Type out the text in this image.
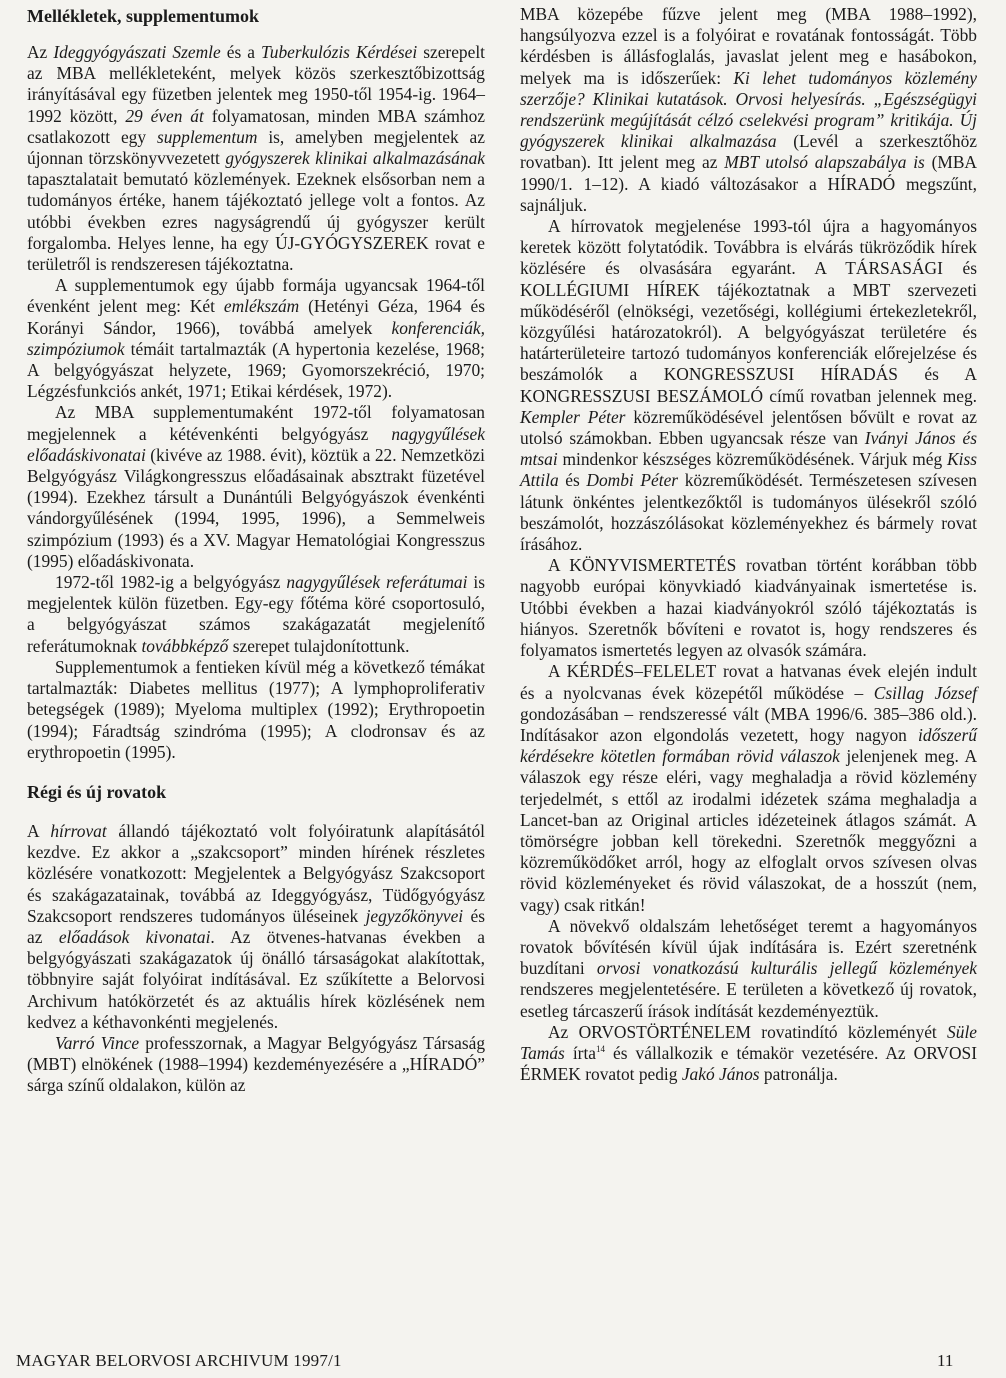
Mellékletek, supplementumok

Az Ideggyógyászati Szemle és a Tuberkulózis Kérdései szerepelt az MBA mellékleteként, melyek közös szerkesztőbizottság irányításával egy füzetben jelentek meg 1950-től 1954-ig. 1964–1992 között, 29 éven át folyamatosan, minden MBA számhoz csatlakozott egy supplementum is, amelyben megjelentek az újonnan törzskönyvvezetett gyógyszerek klinikai alkalmazásának tapasztalatait bemutató közlemények. Ezeknek elsősorban nem a tudományos értéke, hanem tájékoztató jellege volt a fontos. Az utóbbi években ezres nagyságrendű új gyógyszer került forgalomba. Helyes lenne, ha egy ÚJ-GYÓGYSZEREK rovat e területről is rendszeresen tájékoztatna.

A supplementumok egy újabb formája ugyancsak 1964-től évenként jelent meg: Két emlékszám (Hetényi Géza, 1964 és Korányi Sándor, 1966), továbbá amelyek konferenciák, szimpóziumok témáit tartalmazták (A hypertonia kezelése, 1968; A belgyógyászat helyzete, 1969; Gyomorszekréció, 1970; Légzésfunkciós ankét, 1971; Etikai kérdések, 1972).

Az MBA supplementumaként 1972-től folyamatosan megjelennek a kétévenkénti belgyógyász nagygyűlések előadáskivonatai (kivéve az 1988. évit), köztük a 22. Nemzetközi Belgyógyász Világkongresszus előadásainak absztrakt füzetével (1994). Ezekhez társult a Dunántúli Belgyógyászok évenkénti vándorgyűlésének (1994, 1995, 1996), a Semmelweis szimpózium (1993) és a XV. Magyar Hematológiai Kongresszus (1995) előadáskivonata.

1972-től 1982-ig a belgyógyász nagygyűlések referátumai is megjelentek külön füzetben. Egy-egy főtéma köré csoportosuló, a belgyógyászat számos szakágazatát megjelenítő referátumoknak továbbképző szerepet tulajdonítottunk.

Supplementumok a fentieken kívül még a következő témákat tartalmazták: Diabetes mellitus (1977); A lymphoproliferativ betegségek (1989); Myeloma multiplex (1992); Erythropoetin (1994); Fáradtság szindróma (1995); A clodronsav és az erythropoetin (1995).

Régi és új rovatok

A hírrovat állandó tájékoztató volt folyóiratunk alapításától kezdve. Ez akkor a „szakcsoport” minden hírének részletes közlésére vonatkozott: Megjelentek a Belgyógyász Szakcsoport és szakágazatainak, továbbá az Ideggyógyász, Tüdőgyógyász Szakcsoport rendszeres tudományos üléseinek jegyzőkönyvei és az előadások kivonatai. Az ötvenes-hatvanas években a belgyógyászati szakágazatok új önálló társaságokat alakítottak, többnyire saját folyóirat indításával. Ez szűkítette a Belorvosi Archivum hatókörzetét és az aktuális hírek közlésének nem kedvez a kéthavonkénti megjelenés.

Varró Vince professzornak, a Magyar Belgyógyász Társaság (MBT) elnökének (1988–1994) kezdeményezésére a „HÍRADÓ” sárga színű oldalakon, külön az

MBA közepébe fűzve jelent meg (MBA 1988–1992), hangsúlyozva ezzel is a folyóirat e rovatának fontosságát. Több kérdésben is állásfoglalás, javaslat jelent meg e hasábokon, melyek ma is időszerűek: Ki lehet tudományos közlemény szerzője? Klinikai kutatások. Orvosi helyesírás. „Egészségügyi rendszerünk megújítását célzó cselekvési program” kritikája. Új gyógyszerek klinikai alkalmazása (Levél a szerkesztőhöz rovatban). Itt jelent meg az MBT utolsó alapszabálya is (MBA 1990/1. 1–12). A kiadó változásakor a HÍRADÓ megszűnt, sajnáljuk.

A hírrovatok megjelenése 1993-tól újra a hagyományos keretek között folytatódik. Továbbra is elvárás tükröződik hírek közlésére és olvasására egyaránt. A TÁRSASÁGI és KOLLÉGIUMI HÍREK tájékoztatnak a MBT szervezeti működéséről (elnökségi, vezetőségi, kollégiumi értekezletekről, közgyűlési határozatokról). A belgyógyászat területére és határterületeire tartozó tudományos konferenciák előrejelzése és beszámolók a KONGRESSZUSI HÍRADÁS és A KONGRESSZUSI BESZÁMOLÓ című rovatban jelennek meg. Kempler Péter közreműködésével jelentősen bővült e rovat az utolsó számokban. Ebben ugyancsak része van Iványi János és mtsai mindenkor készséges közreműködésének. Várjuk még Kiss Attila és Dombi Péter közreműködését. Természetesen szívesen látunk önkéntes jelentkezőktől is tudományos ülésekről szóló beszámolót, hozzászólásokat közleményekhez és bármely rovat írásához.

A KÖNYVISMERTETÉS rovatban történt korábban több nagyobb európai könyvkiadó kiadványainak ismertetése is. Utóbbi években a hazai kiadványokról szóló tájékoztatás is hiányos. Szeretnők bővíteni e rovatot is, hogy rendszeres és folyamatos ismertetés legyen az olvasók számára.

A KÉRDÉS–FELELET rovat a hatvanas évek elején indult és a nyolcvanas évek közepétől működése – Csillag József gondozásában – rendszeressé vált (MBA 1996/6. 385–386 old.). Indításakor azon elgondolás vezetett, hogy nagyon időszerű kérdésekre kötetlen formában rövid válaszok jelenjenek meg. A válaszok egy része eléri, vagy meghaladja a rövid közlemény terjedelmét, s ettől az irodalmi idézetek száma meghaladja a Lancet-ban az Original articles idézeteinek átlagos számát. A tömörségre jobban kell törekedni. Szeretnők meggyőzni a közreműködőket arról, hogy az elfoglalt orvos szívesen olvas rövid közleményeket és rövid válaszokat, de a hosszút (nem, vagy) csak ritkán!

A növekvő oldalszám lehetőséget teremt a hagyományos rovatok bővítésén kívül újak indítására is. Ezért szeretnénk buzdítani orvosi vonatkozású kulturális jellegű közlemények rendszeres megjelentetésére. E területen a következő új rovatok, esetleg tárcaszerű írások indítását kezdeményeztük.

Az ORVOSTÖRTÉNELEM rovatindító közleményét Süle Tamás írta$^{14}$ és vállalkozik e témakör vezetésére. Az ORVOSI ÉRMEK rovatot pedig Jakó János patronálja.

MAGYAR BELORVOSI ARCHIVUM 1997/1	11
